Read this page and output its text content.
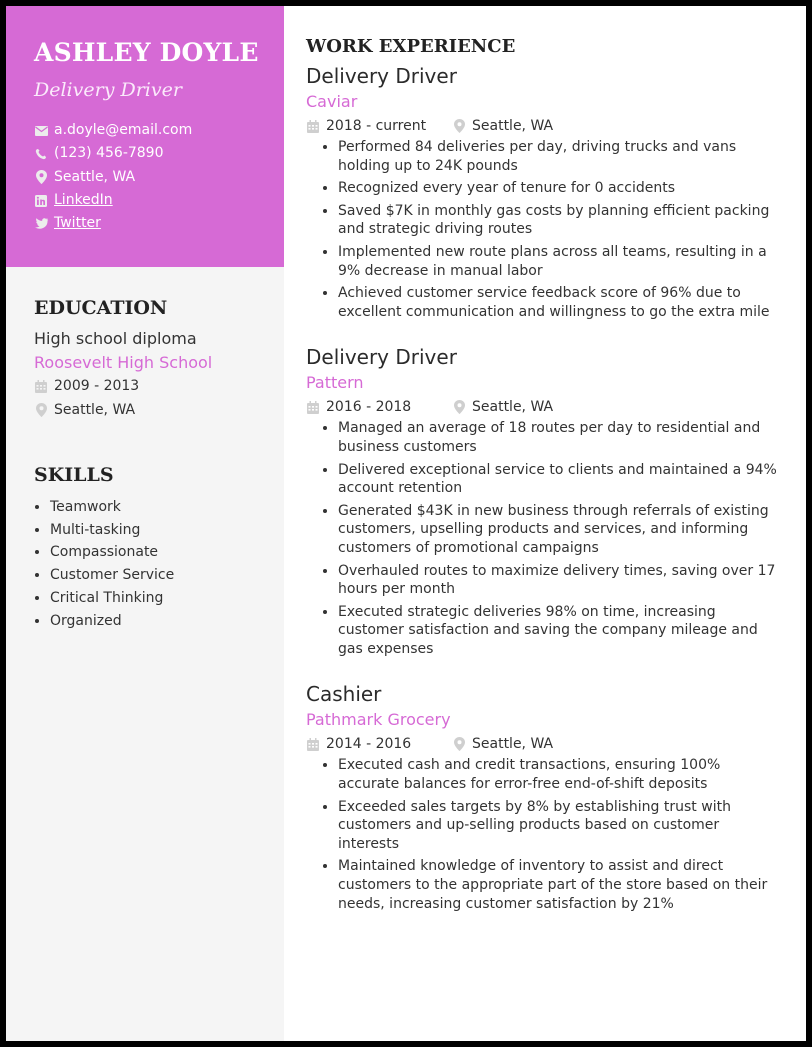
ASHLEY DOYLE
Delivery Driver
a.doyle@email.com
(123) 456-7890
Seattle, WA
LinkedIn
Twitter
EDUCATION
High school diploma
Roosevelt High School
2009 - 2013
Seattle, WA
SKILLS
• Teamwork
• Multi-tasking
• Compassionate
• Customer Service
• Critical Thinking
• Organized
WORK EXPERIENCE
Delivery Driver
Caviar
2018 - current	Seattle, WA
• Performed 84 deliveries per day, driving trucks and vans holding up to 24K pounds
• Recognized every year of tenure for 0 accidents
• Saved $7K in monthly gas costs by planning efficient packing and strategic driving routes
• Implemented new route plans across all teams, resulting in a 9% decrease in manual labor
• Achieved customer service feedback score of 96% due to excellent communication and willingness to go the extra mile
Delivery Driver
Pattern
2016 - 2018	Seattle, WA
• Managed an average of 18 routes per day to residential and business customers
• Delivered exceptional service to clients and maintained a 94% account retention
• Generated $43K in new business through referrals of existing customers, upselling products and services, and informing customers of promotional campaigns
• Overhauled routes to maximize delivery times, saving over 17 hours per month
• Executed strategic deliveries 98% on time, increasing customer satisfaction and saving the company mileage and gas expenses
Cashier
Pathmark Grocery
2014 - 2016	Seattle, WA
• Executed cash and credit transactions, ensuring 100% accurate balances for error-free end-of-shift deposits
• Exceeded sales targets by 8% by establishing trust with customers and up-selling products based on customer interests
• Maintained knowledge of inventory to assist and direct customers to the appropriate part of the store based on their needs, increasing customer satisfaction by 21%
